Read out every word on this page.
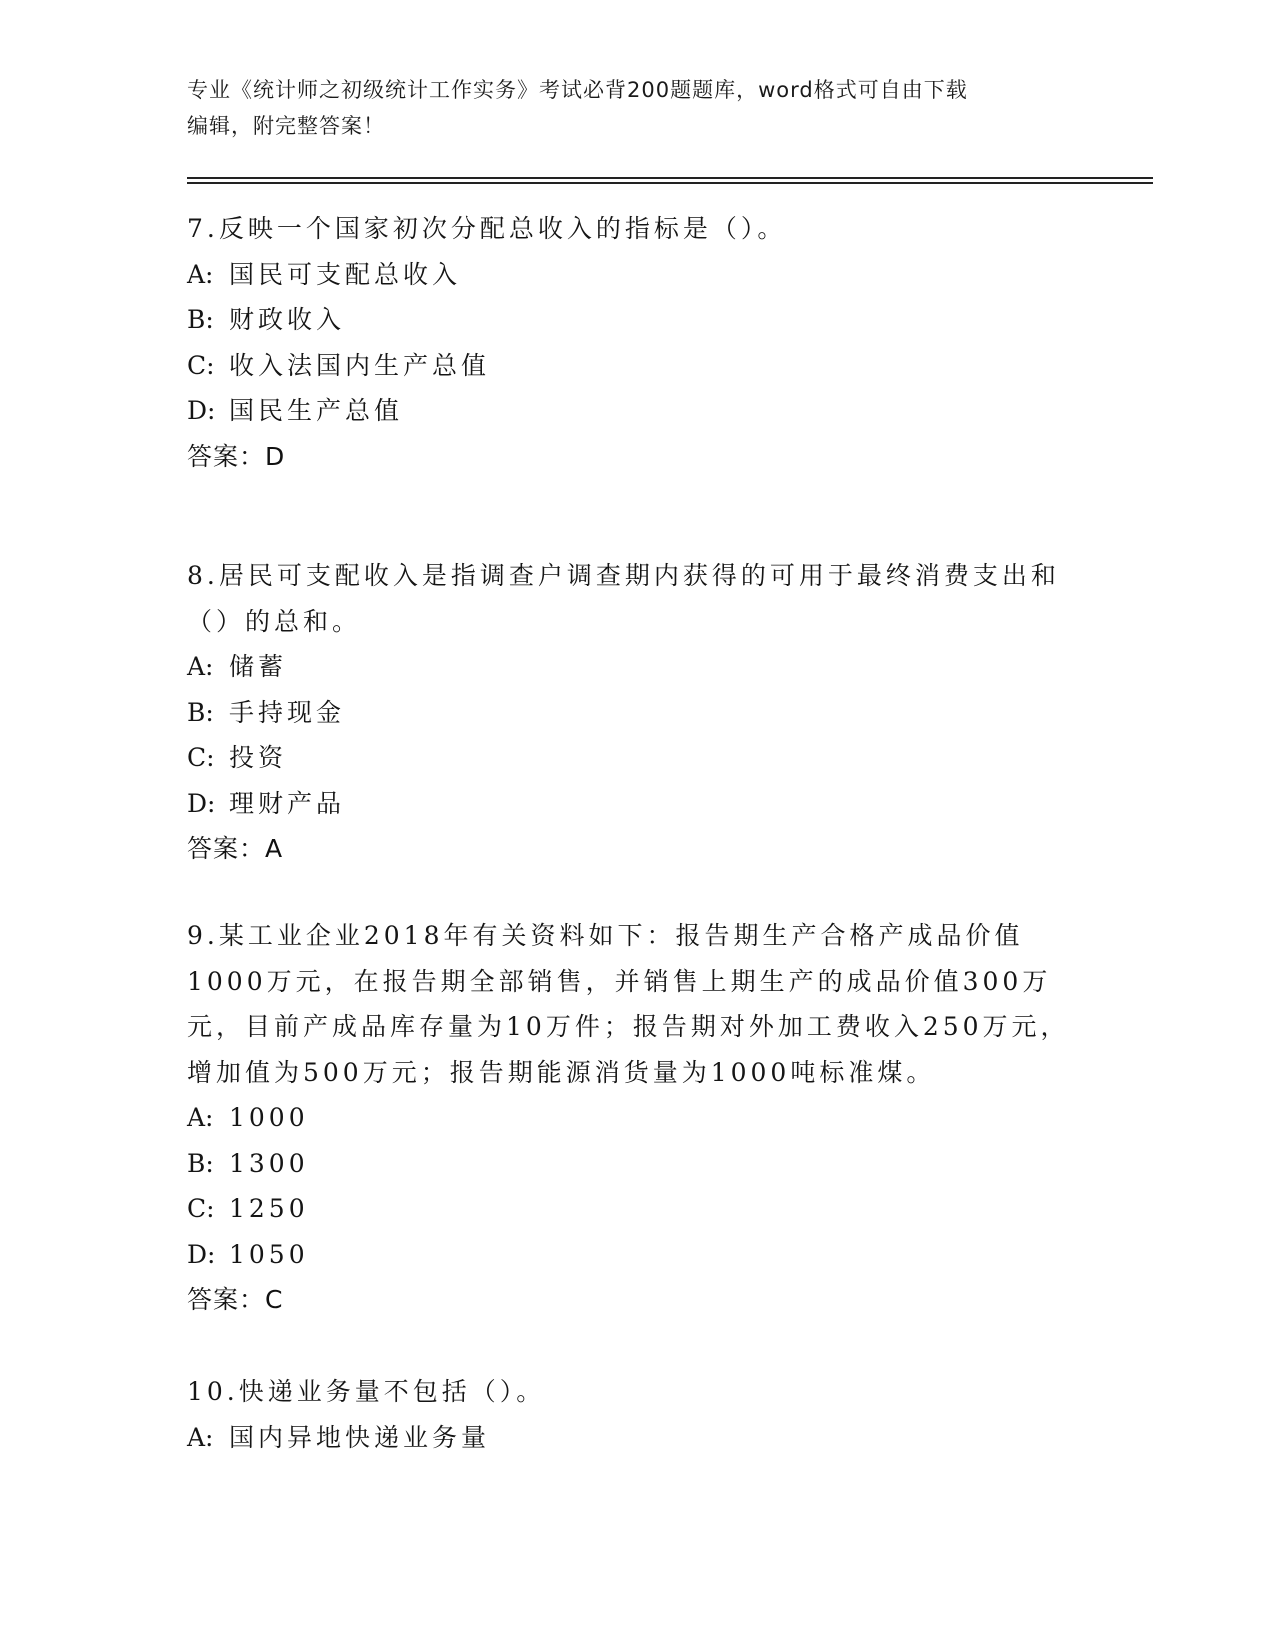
专业《统计师之初级统计工作实务》考试必背200题题库，word格式可自由下载
编辑，附完整答案！
7.反映一个国家初次分配总收入的指标是（）。
A: 国民可支配总收入
B: 财政收入
C: 收入法国内生产总值
D: 国民生产总值
答案：D
8.居民可支配收入是指调查户调查期内获得的可用于最终消费支出和（）的总和。
A: 储蓄
B: 手持现金
C: 投资
D: 理财产品
答案：A
9.某工业企业2018年有关资料如下：报告期生产合格产成品价值1000万元，在报告期全部销售，并销售上期生产的成品价值300万元，目前产成品库存量为10万件；报告期对外加工费收入250万元，增加值为500万元；报告期能源消货量为1000吨标准煤。
A: 1000
B: 1300
C: 1250
D: 1050
答案：C
10.快递业务量不包括（）。
A: 国内异地快递业务量
